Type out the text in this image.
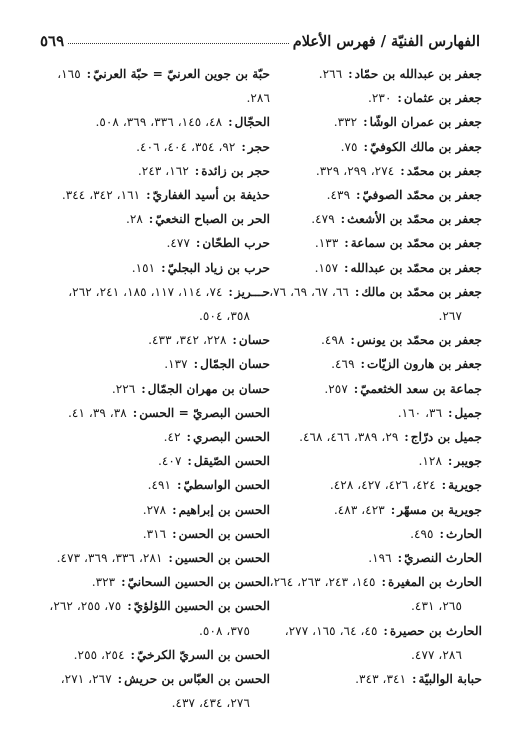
الفهارس الفنيّة / فهرس الأعلام
٥٦٩
جعفر بن عبدالله بن حمّاد: ٢٦٦.
جعفر بن عثمان: ٢٣٠.
جعفر بن عمران الوشّا: ٣٣٢.
جعفر بن مالك الكوفيّ: ٧٥.
جعفر بن محمّد: ٢٧٤، ٢٩٩، ٣٢٩.
جعفر بن محمّد الصوفيّ: ٤٣٩.
جعفر بن محمّد بن الأشعث: ٤٧٩.
جعفر بن محمّد بن سماعة: ١٣٣.
جعفر بن محمّد بن عبدالله: ١٥٧.
جعفر بن محمّد بن مالك: ٦٦، ٦٧، ٦٩، ٧٦،
٢٦٧.
جعفر بن محمّد بن يونس: ٤٩٨.
جعفر بن هارون الزيّات: ٤٦٩.
جماعة بن سعد الخثعميّ: ٢٥٧.
جميل: ٣٦، ١٦٠.
جميل بن درّاج: ٢٩، ٣٨٩، ٤٦٦، ٤٦٨.
جويبر: ١٢٨.
جويرية: ٤٢٤، ٤٢٦، ٤٢٧، ٤٢٨.
جويرية بن مسهّر: ٤٢٣، ٤٨٣.
الحارث: ٤٩٥.
الحارث النصريّ: ١٩٦.
الحارث بن المغيرة: ١٤٥، ٢٤٣، ٢٦٣، ٢٦٤،
٢٦٥، ٤٣١.
الحارث بن حصيرة: ٤٥، ٦٤، ١٦٥، ٢٧٧،
٢٨٦، ٤٧٧.
حبابة الوالبيّة: ٣٤١، ٣٤٣.
حبّة بن جوين العرنيّ = حبّة العرنيّ: ١٦٥، ٢٨٦.
الحجّال: ٤٨، ١٤٥، ٣٣٦، ٣٦٩، ٥٠٨.
حجر: ٩٢، ٣٥٤، ٤٠٤، ٤٠٦.
حجر بن زائدة: ١٦٢، ٢٤٣.
حذيفة بن أسيد الغفاريّ: ١٦١، ٣٤٢، ٣٤٤.
الحر بن الصباح النخعيّ: ٢٨.
حرب الطحّان: ٤٧٧.
حرب بن زياد البجليّ: ١٥١.
حـــريز: ٧٤، ١١٤، ١١٧، ١٨٥، ٢٤١، ٢٦٢،
٣٥٨، ٥٠٤.
حسان: ٢٢٨، ٣٤٢، ٤٣٣.
حسان الجمّال: ١٣٧.
حسان بن مهران الجمّال: ٢٢٦.
الحسن البصريّ = الحسن: ٣٨، ٣٩، ٤١.
الحسن البصري: ٤٢.
الحسن الصّيقل: ٤٠٧.
الحسن الواسطيّ: ٤٩١.
الحسن بن إبراهيم: ٢٧٨.
الحسن بن الحسن: ٣١٦.
الحسن بن الحسين: ٢٨١، ٣٣٦، ٣٦٩، ٤٧٣.
الحسن بن الحسين السحانيّ: ٣٢٣.
الحسن بن الحسين اللؤلؤيّ: ٧٥، ٢٥٥، ٢٦٢،
٣٧٥، ٥٠٨.
الحسن بن السريّ الكرخيّ: ٢٥٤، ٢٥٥.
الحسن بن العبّاس بن حريش: ٢٦٧، ٢٧١،
٢٧٦، ٤٣٤، ٤٣٧.
